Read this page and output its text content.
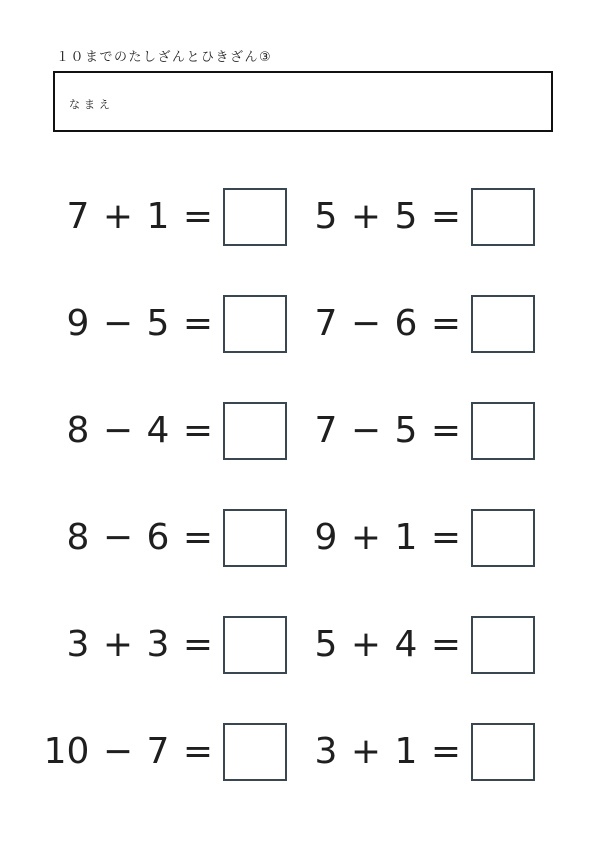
１０までのたしざんとひきざん③
なまえ
7 + 1 =	5 + 5 =
9 − 5 =	7 − 6 =
8 − 4 =	7 − 5 =
8 − 6 =	9 + 1 =
3 + 3 =	5 + 4 =
10 − 7 =	3 + 1 =
